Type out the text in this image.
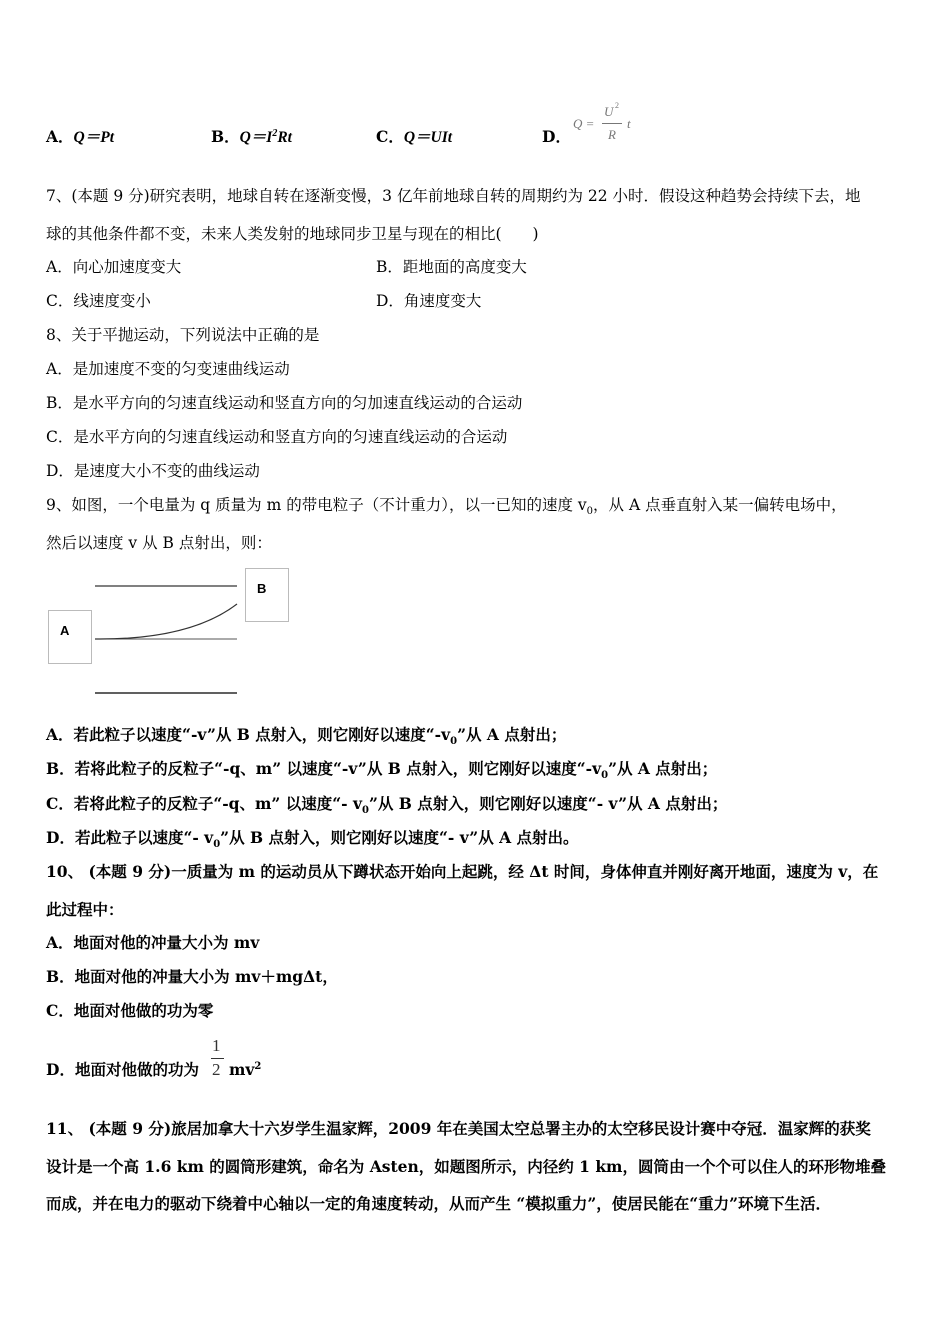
A．Q＝Pt	B．$Q=I^2Rt$	C．Q＝UIt	D．
Q =
U 2
R
t
7、(本题 9 分)研究表明，地球自转在逐渐变慢，3 亿年前地球自转的周期约为 22 小时．假设这种趋势会持续下去，地
球的其他条件都不变，未来人类发射的地球同步卫星与现在的相比(　　)
A．向心加速度变大	B．距地面的高度变大
C．线速度变小	D．角速度变大
8、关于平抛运动，下列说法中正确的是
A．是加速度不变的匀变速曲线运动
B．是水平方向的匀速直线运动和竖直方向的匀加速直线运动的合运动
C．是水平方向的匀速直线运动和竖直方向的匀速直线运动的合运动
D．是速度大小不变的曲线运动
9、如图，一个电量为 q 质量为 m 的带电粒子（不计重力），以一已知的速度 $v_0$，从 A 点垂直射入某一偏转电场中，
然后以速度 v 从 B 点射出，则：
A
B
A．若此粒子以速度“-v”从 B 点射入，则它刚好以速度“$-v_0$”从 A 点射出；
B．若将此粒子的反粒子“-q、m” 以速度“-v”从 B 点射入，则它刚好以速度“$-v_0$”从 A 点射出；
C．若将此粒子的反粒子“-q、m” 以速度“- $v_0$”从 B 点射入，则它刚好以速度“- v”从 A 点射出；
D．若此粒子以速度“- $v_0$”从 B 点射入，则它刚好以速度“- v”从 A 点射出。
10、 (本题 9 分)一质量为 m 的运动员从下蹲状态开始向上起跳，经 Δt 时间，身体伸直并刚好离开地面，速度为 v，在
此过程中：
A．地面对他的冲量大小为 mv
B．地面对他的冲量大小为 mv＋mgΔt，
C．地面对他做的功为零
D．地面对他做的功为
1
2 $mv^2$
11、 (本题 9 分)旅居加拿大十六岁学生温家辉，2009 年在美国太空总署主办的太空移民设计赛中夺冠．温家辉的获奖
设计是一个高 1.6 km 的圆筒形建筑，命名为 Asten，如题图所示，内径约 1 km，圆筒由一个个可以住人的环形物堆叠
而成，并在电力的驱动下绕着中心轴以一定的角速度转动，从而产生 “模拟重力”，使居民能在“重力”环境下生活．
